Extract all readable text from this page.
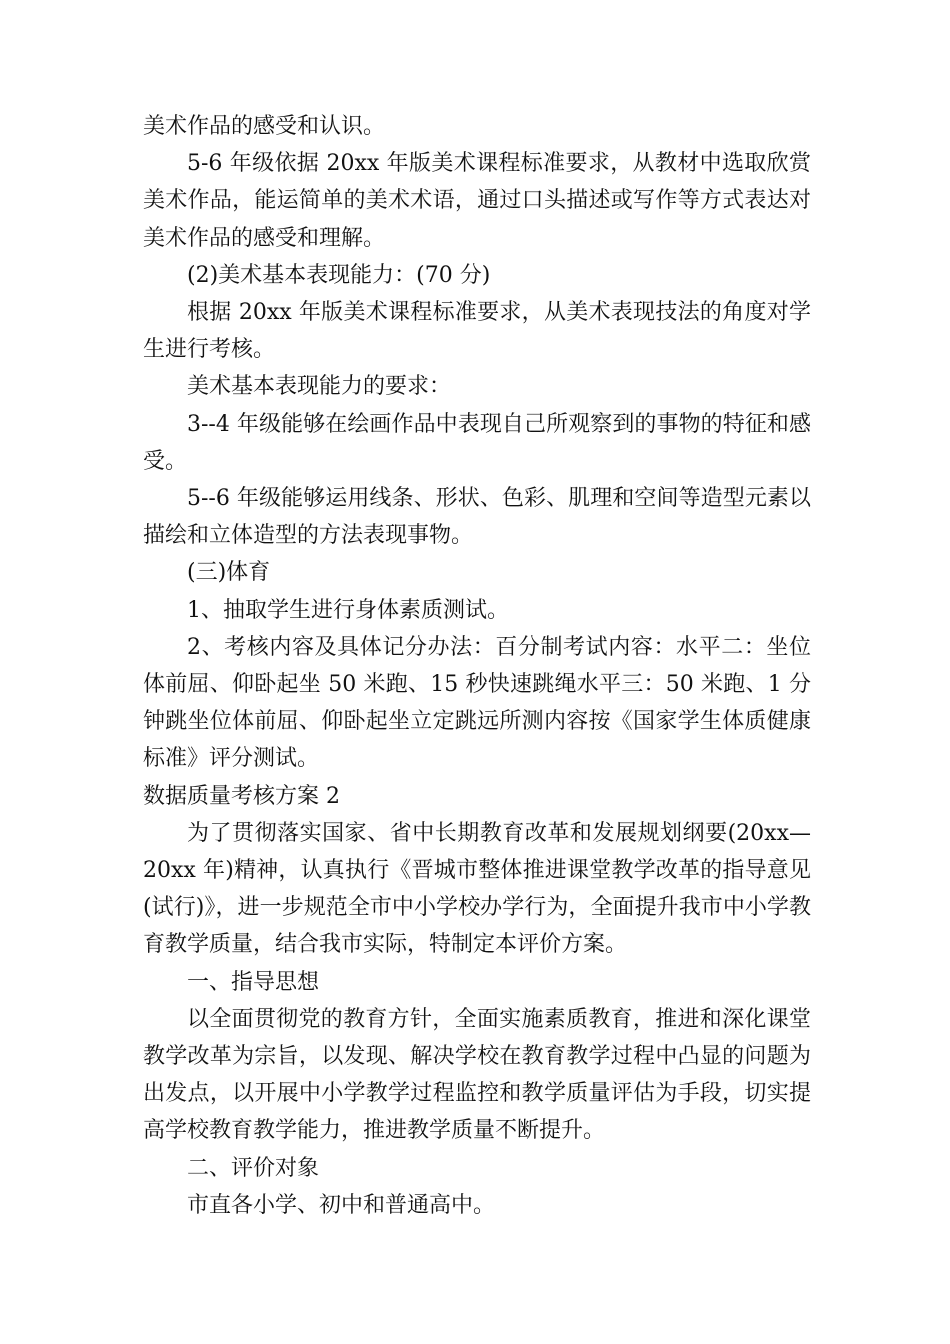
美术作品的感受和认识。

5-6 年级依据 20xx 年版美术课程标准要求，从教材中选取欣赏美术作品，能运简单的美术术语，通过口头描述或写作等方式表达对美术作品的感受和理解。

(2)美术基本表现能力：(70 分)

根据 20xx 年版美术课程标准要求，从美术表现技法的角度对学生进行考核。

美术基本表现能力的要求：

3--4 年级能够在绘画作品中表现自己所观察到的事物的特征和感受。

5--6 年级能够运用线条、形状、色彩、肌理和空间等造型元素以描绘和立体造型的方法表现事物。

(三)体育

1、抽取学生进行身体素质测试。

2、考核内容及具体记分办法：百分制考试内容：水平二：坐位体前屈、仰卧起坐 50 米跑、15 秒快速跳绳水平三：50 米跑、1 分钟跳坐位体前屈、仰卧起坐立定跳远所测内容按《国家学生体质健康标准》评分测试。

数据质量考核方案 2

为了贯彻落实国家、省中长期教育改革和发展规划纲要(20xx—20xx 年)精神，认真执行《晋城市整体推进课堂教学改革的指导意见(试行)》，进一步规范全市中小学校办学行为，全面提升我市中小学教育教学质量，结合我市实际，特制定本评价方案。

一、指导思想

以全面贯彻党的教育方针，全面实施素质教育，推进和深化课堂教学改革为宗旨，以发现、解决学校在教育教学过程中凸显的问题为出发点，以开展中小学教学过程监控和教学质量评估为手段，切实提高学校教育教学能力，推进教学质量不断提升。

二、评价对象

市直各小学、初中和普通高中。
